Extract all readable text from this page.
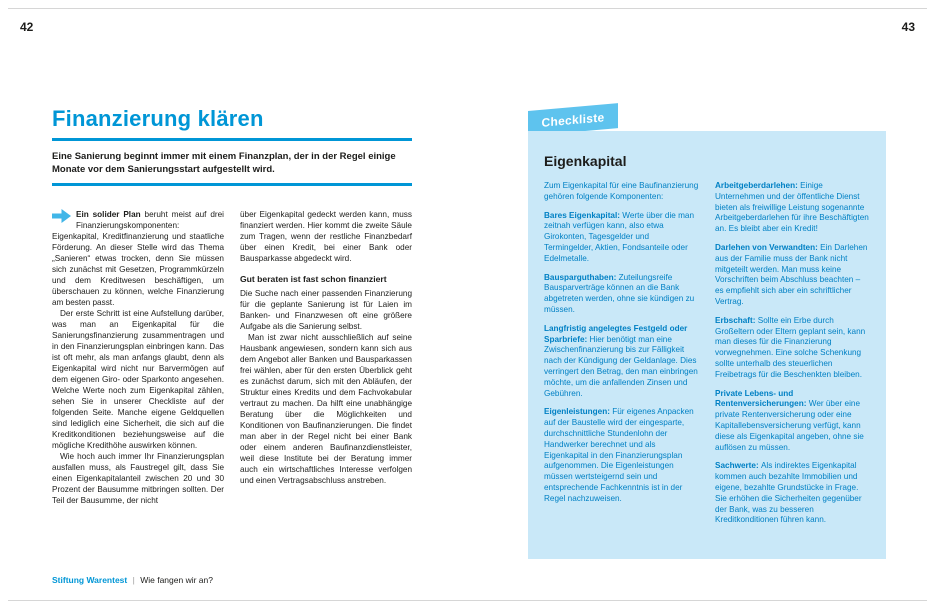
42	43
Finanzierung klären

Eine Sanierung beginnt immer mit einem Finanzplan, der in der Regel einige Monate vor dem Sanierungsstart aufgestellt wird.

Ein solider Plan beruht meist auf drei Finanzierungskomponenten: Eigenkapital, Kreditfinanzierung und staatliche Förderung. An dieser Stelle wird das Thema „Sanieren“ etwas trocken, denn Sie müssen sich zunächst mit Gesetzen, Programmkürzeln und dem Kreditwesen beschäftigen, um überschauen zu können, welche Finanzierung am besten passt.

Der erste Schritt ist eine Aufstellung darüber, was man an Eigenkapital für die Sanierungsfinanzierung zusammentragen und in den Finanzierungsplan einbringen kann. Das ist oft mehr, als man anfangs glaubt, denn als Eigenkapital wird nicht nur Barvermögen auf dem eigenen Giro- oder Sparkonto angesehen. Welche Werte noch zum Eigenkapital zählen, sehen Sie in unserer Checkliste auf der folgenden Seite. Manche eigene Geldquellen sind lediglich eine Sicherheit, die sich auf die Kreditkonditionen beziehungsweise auf die mögliche Kredithöhe auswirken können.

Wie hoch auch immer Ihr Finanzierungsplan ausfallen muss, als Faustregel gilt, dass Sie einen Eigenkapitalanteil zwischen 20 und 30 Prozent der Bausumme mitbringen sollten. Der Teil der Bausumme, der nicht

über Eigenkapital gedeckt werden kann, muss finanziert werden. Hier kommt die zweite Säule zum Tragen, wenn der restliche Finanzbedarf über einen Kredit, bei einer Bank oder Bausparkasse abgedeckt wird.

Gut beraten ist fast schon finanziert

Die Suche nach einer passenden Finanzierung für die geplante Sanierung ist für Laien im Banken- und Finanzwesen oft eine größere Aufgabe als die Sanierung selbst.

Man ist zwar nicht ausschließlich auf seine Hausbank angewiesen, sondern kann sich aus dem Angebot aller Banken und Bausparkassen frei wählen, aber für den ersten Überblick geht es zunächst darum, sich mit den Abläufen, der Struktur eines Kredits und dem Fachvokabular vertraut zu machen. Da hilft eine unabhängige Beratung über die Möglichkeiten und Konditionen von Baufinanzierungen. Die findet man aber in der Regel nicht bei einer Bank oder einem anderen Baufinanzdienstleister, weil diese Institute bei der Beratung immer auch ein wirtschaftliches Interesse verfolgen und einen Vertragsabschluss anstreben.

Stiftung Warentest | Wie fangen wir an?
Checkliste
Eigenkapital

Zum Eigenkapital für eine Baufinanzierung gehören folgende Komponenten:

Bares Eigenkapital: Werte über die man zeitnah verfügen kann, also etwa Girokonten, Tagesgelder und Termingelder, Aktien, Fondsanteile oder Edelmetalle.

Bausparguthaben: Zuteilungsreife Bausparverträge können an die Bank abgetreten werden, ohne sie kündigen zu müssen.

Langfristig angelegtes Festgeld oder Sparbriefe: Hier benötigt man eine Zwischenfinanzierung bis zur Fälligkeit nach der Kündigung der Geldanlage. Dies verringert den Betrag, den man einbringen möchte, um die anfallenden Zinsen und Gebühren.

Eigenleistungen: Für eigenes Anpacken auf der Baustelle wird der eingesparte, durchschnittliche Stundenlohn der Handwerker berechnet und als Eigenkapital in den Finanzierungsplan aufgenommen. Die Eigenleistungen müssen wertsteigernd sein und entsprechende Fachkenntnis ist in der Regel nachzuweisen.

Arbeitgeberdarlehen: Einige Unternehmen und der öffentliche Dienst bieten als freiwillige Leistung sogenannte Arbeitgeberdarlehen für ihre Beschäftigten an. Es bleibt aber ein Kredit!

Darlehen von Verwandten: Ein Darlehen aus der Familie muss der Bank nicht mitgeteilt werden. Man muss keine Vorschriften beim Abschluss beachten – es empfiehlt sich aber ein schriftlicher Vertrag.

Erbschaft: Sollte ein Erbe durch Großeltern oder Eltern geplant sein, kann man dieses für die Finanzierung vorwegnehmen. Eine solche Schenkung sollte unterhalb des steuerlichen Freibetrags für die Beschenkten bleiben.

Private Lebens- und Rentenversicherungen: Wer über eine private Rentenversicherung oder eine Kapitallebensversicherung verfügt, kann diese als Eigenkapital angeben, ohne sie auflösen zu müssen.

Sachwerte: Als indirektes Eigenkapital kommen auch bezahlte Immobilien und eigene, bezahlte Grundstücke in Frage. Sie erhöhen die Sicherheiten gegenüber der Bank, was zu besseren Kreditkonditionen führen kann.
